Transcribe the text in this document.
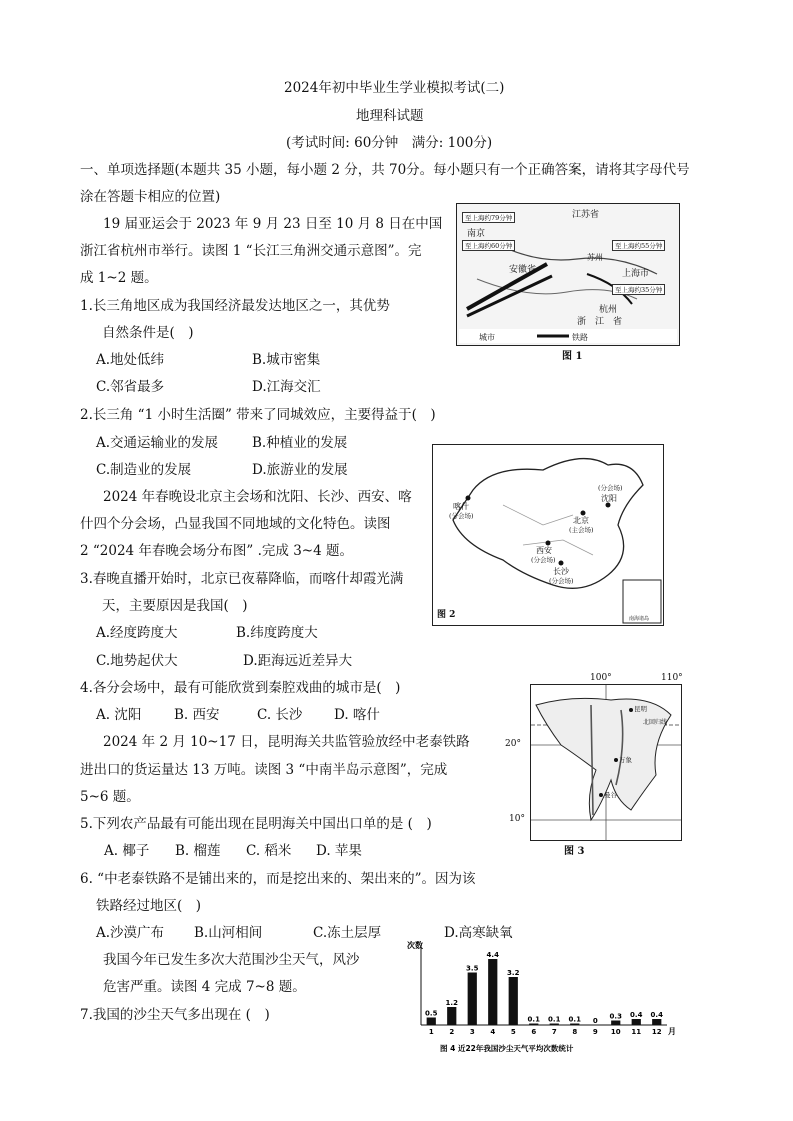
2024年初中毕业生学业模拟考试(二)
地理科试题
(考试时间: 60分钟　满分: 100分)
一、单项选择题(本题共 35 小题，每小题 2 分，共 70分。每小题只有一个正确答案，请将其字母代号
涂在答题卡相应的位置)
19 届亚运会于 2023 年 9 月 23 日至 10 月 8 日在中国
浙江省杭州市举行。读图 1 “长江三角洲交通示意图”。完
成 1~2 题。
1.长三角地区成为我国经济最发达地区之一，其优势
自然条件是(　)
A.地处低纬	B.城市密集
C.邻省最多	D.江海交汇
江苏省
安徽省
浙　江　省
上海市
南京
杭州
苏州
至上海约79分钟
至上海约60分钟	至上海约55分钟
至上海约35分钟
城市	铁路
图 1
2.长三角 “1 小时生活圈” 带来了同城效应，主要得益于(　)
A.交通运输业的发展	B.种植业的发展
C.制造业的发展	D.旅游业的发展
喀什
(分会场)	北京
(主会场)
沈阳
(分会场)
西安
(分会场)
长沙
(分会场)
南海诸岛
图 2
2024 年春晚设北京主会场和沈阳、长沙、西安、喀
什四个分会场，凸显我国不同地域的文化特色。读图
2 “2024 年春晚会场分布图” .完成 3~4 题。
3.春晚直播开始时，北京已夜幕降临，而喀什却霞光满
天，主要原因是我国(　)
A.经度跨度大	B.纬度跨度大
C.地势起伏大	D.距海远近差异大
4.各分会场中，最有可能欣赏到秦腔戏曲的城市是(　)
A. 沈阳 B. 西安	C. 长沙 D. 喀什	昆明
万象
曼谷
北回归线
100°	110°
20°
10°
图 3
2024 年 2 月 10~17 日，昆明海关共监管验放经中老泰铁路
进出口的货运量达 13 万吨。读图 3 “中南半岛示意图”，完成
5~6 题。
5.下列农产品最有可能出现在昆明海关中国出口单的是 (　)
A. 椰子 B. 榴莲 C. 稻米 D. 苹果
6. “中老泰铁路不是铺出来的，而是挖出来的、架出来的”。因为该
铁路经过地区(　)
A.沙漠广布 B.山河相间	C.冻土层厚	D.高寒缺氧
我国今年已发生多次大范围沙尘天气，风沙
危害严重。读图 4 完成 7~8 题。
7.我国的沙尘天气多出现在 (　)
次数
0.5
1
1.2
2
3.5
3
4.4
4
3.2
5
0.1
6
0.1
7
0.1
8
0
9
0.3
10
0.4
11
0.4
12 月
图 4 近22年我国沙尘天气平均次数统计
